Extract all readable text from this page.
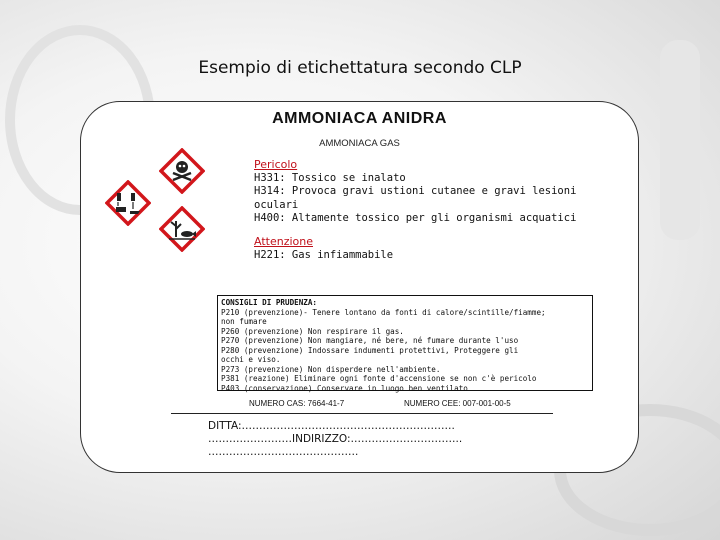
Esempio di etichettatura secondo CLP
AMMONIACA ANIDRA
AMMONIACA GAS
Pericolo
H331: Tossico se inalato
H314: Provoca gravi ustioni cutanee e gravi lesioni
oculari
H400: Altamente tossico per gli organismi acquatici
Attenzione
H221: Gas infiammabile
CONSIGLI DI PRUDENZA:
P210 (prevenzione)- Tenere lontano da fonti di calore/scintille/fiamme;
non fumare
P260 (prevenzione) Non respirare il gas.
P270 (prevenzione) Non mangiare, né bere, né fumare durante l'uso
P280 (prevenzione) Indossare indumenti protettivi, Proteggere gli
occhi e viso.
P273 (prevenzione) Non disperdere nell'ambiente.
P381 (reazione) Eliminare ogni fonte d'accensione se non c'è pericolo
P403 (conservazione) Conservare in luogo ben ventilato
NUMERO CAS: 7664-41-7	NUMERO CEE: 007-001-00-5
DITTA:…………………………………………………….
……………………INDIRIZZO:…………………………..
…………………………………….
